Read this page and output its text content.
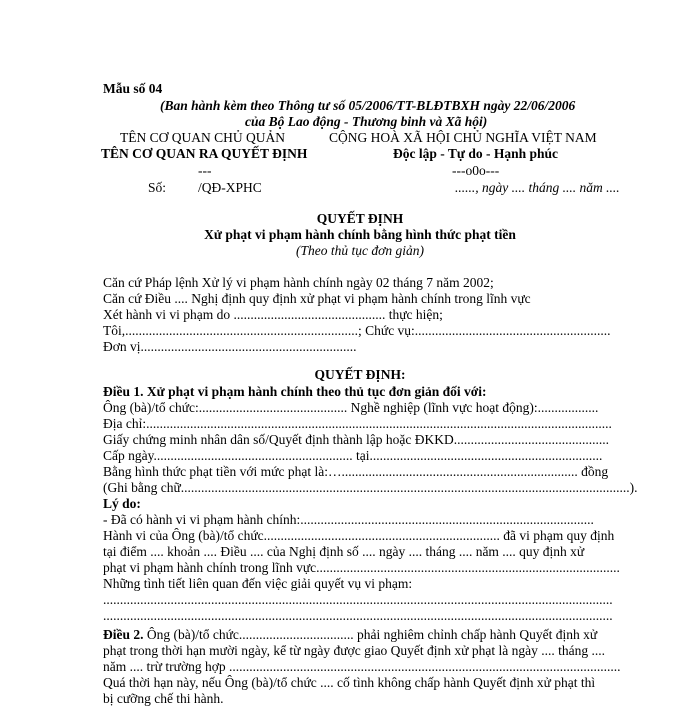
Mẫu số 04
(Ban hành kèm theo Thông tư số 05/2006/TT-BLĐTBXH ngày 22/06/2006
của Bộ Lao động - Thương binh và Xã hội)
TÊN CƠ QUAN CHỦ QUẢN
TÊN CƠ QUAN RA QUYẾT ĐỊNH
---
Số: /QĐ-XPHC
CỘNG HOÀ XÃ HỘI CHỦ NGHĨA VIỆT NAM
Độc lập - Tự do - Hạnh phúc
---o0o---
......, ngày .... tháng .... năm ....
QUYẾT ĐỊNH
Xử phạt vi phạm hành chính bằng hình thức phạt tiền
(Theo thủ tục đơn giản)
Căn cứ Pháp lệnh Xử lý vi phạm hành chính ngày 02 tháng 7 năm 2002;
Căn cứ Điều .... Nghị định quy định xử phạt vi phạm hành chính trong lĩnh vực
Xét hành vi vi phạm do ............................................. thực hiện;
Tôi,.....................................................................; Chức vụ:..........................................................
Đơn vị................................................................
QUYẾT ĐỊNH:
Điều 1. Xử phạt vi phạm hành chính theo thủ tục đơn giản đối với:
Ông (bà)/tổ chức:............................................ Nghề nghiệp (lĩnh vực hoạt động):..................
Địa chỉ:..........................................................................................................................................
Giấy chứng minh nhân dân số/Quyết định thành lập hoặc ĐKKD..............................................
Cấp ngày........................................................... tại.....................................................................
Bằng hình thức phạt tiền với mức phạt là:…...................................................................... đồng
(Ghi bằng chữ.....................................................................................................................................).
Lý do:
- Đã có hành vi vi phạm hành chính:.......................................................................................
Hành vi của Ông (bà)/tổ chức...................................................................... đã vi phạm quy định
tại điểm .... khoản .... Điều .... của Nghị định số .... ngày .... tháng .... năm .... quy định xử
phạt vi phạm hành chính trong lĩnh vực..........................................................................................
Những tình tiết liên quan đến việc giải quyết vụ vi phạm:
.......................................................................................................................................................
.......................................................................................................................................................
Điều 2. Ông (bà)/tổ chức.................................. phải nghiêm chỉnh chấp hành Quyết định xử
phạt trong thời hạn mười ngày, kể từ ngày được giao Quyết định xử phạt là ngày .... tháng ....
năm .... trừ trường hợp ....................................................................................................................
Quá thời hạn này, nếu Ông (bà)/tổ chức .... cố tình không chấp hành Quyết định xử phạt thì
bị cưỡng chế thi hành.
